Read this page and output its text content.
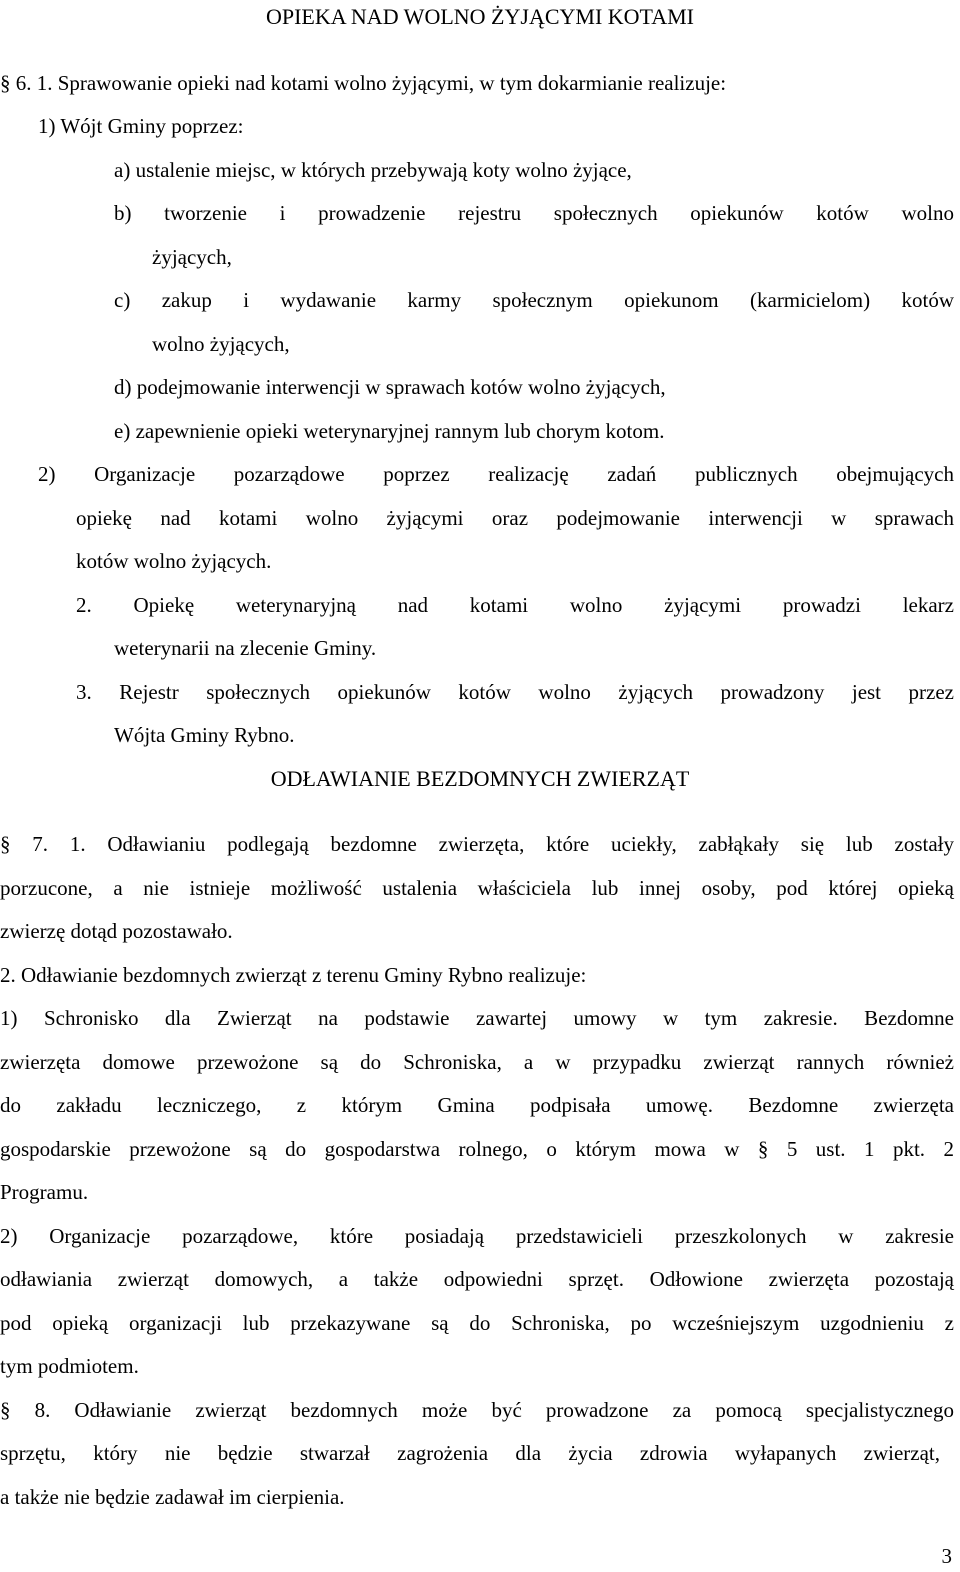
OPIEKA NAD WOLNO ŻYJĄCYMI KOTAMI
§ 6. 1. Sprawowanie opieki nad kotami wolno żyjącymi, w tym dokarmianie realizuje:
1) Wójt Gminy poprzez:
a) ustalenie miejsc, w których przebywają koty wolno żyjące,
b) tworzenie i prowadzenie rejestru społecznych opiekunów kotów wolno
żyjących,
c) zakup i wydawanie karmy społecznym opiekunom (karmicielom) kotów
wolno żyjących,
d) podejmowanie interwencji w sprawach kotów wolno żyjących,
e) zapewnienie opieki weterynaryjnej rannym lub chorym kotom.
2) Organizacje pozarządowe poprzez realizację zadań publicznych obejmujących
opiekę nad kotami wolno żyjącymi oraz podejmowanie interwencji w sprawach
kotów wolno żyjących.
2. Opiekę weterynaryjną nad kotami wolno żyjącymi prowadzi lekarz
weterynarii na zlecenie Gminy.
3. Rejestr społecznych opiekunów kotów wolno żyjących prowadzony jest przez
Wójta Gminy Rybno.
ODŁAWIANIE BEZDOMNYCH ZWIERZĄT
§ 7. 1. Odławianiu podlegają bezdomne zwierzęta, które uciekły, zabłąkały się lub zostały
porzucone, a nie istnieje możliwość ustalenia właściciela lub innej osoby, pod której opieką
zwierzę dotąd pozostawało.
2. Odławianie bezdomnych zwierząt z terenu Gminy Rybno realizuje:
1) Schronisko dla Zwierząt na podstawie zawartej umowy w tym zakresie. Bezdomne
zwierzęta domowe przewożone są do Schroniska, a w przypadku zwierząt rannych również
do zakładu leczniczego, z którym Gmina podpisała umowę. Bezdomne zwierzęta
gospodarskie przewożone są do gospodarstwa rolnego, o którym mowa w § 5 ust. 1 pkt. 2
Programu.
2) Organizacje pozarządowe, które posiadają przedstawicieli przeszkolonych w zakresie
odławiania zwierząt domowych, a także odpowiedni sprzęt. Odłowione zwierzęta pozostają
pod opieką organizacji lub przekazywane są do Schroniska, po wcześniejszym uzgodnieniu z
tym podmiotem.
§ 8. Odławianie zwierząt bezdomnych może być prowadzone za pomocą specjalistycznego
sprzętu, który nie będzie stwarzał zagrożenia dla życia zdrowia wyłapanych zwierząt,
a także nie będzie zadawał im cierpienia.
3
